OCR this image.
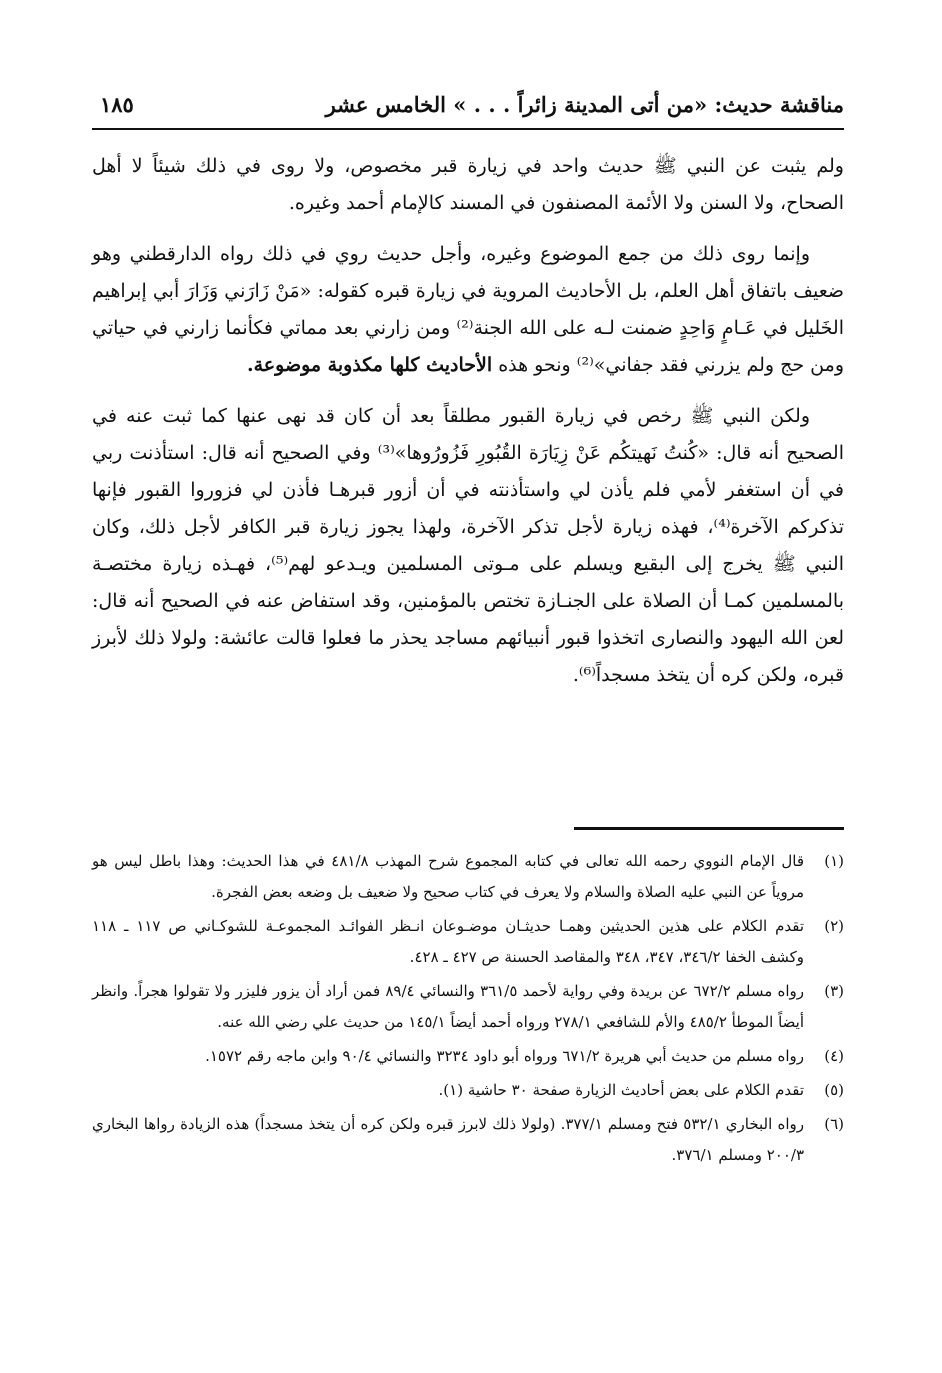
مناقشة حديث: «من أتى المدينة زائراً . . . » الخامس عشر
١٨٥

ولم يثبت عن النبي ﷺ حديث واحد في زيارة قبر مخصوص، ولا روى في ذلك شيئاً لا أهل الصحاح، ولا السنن ولا الأئمة المصنفون في المسند كالإمام أحمد وغيره.

وإنما روى ذلك من جمع الموضوع وغيره، وأجل حديث روي في ذلك رواه الدارقطني وهو ضعيف باتفاق أهل العلم، بل الأحاديث المروية في زيارة قبره كقوله: «مَنْ زَارَني وَزَارَ أبي إبراهيم الخَليل في عَـامٍ وَاحِدٍ ضمنت لـه على الله الجنة⁽²⁾ ومن زارني بعد مماتي فكأنما زارني في حياتي ومن حج ولم يزرني فقد جفاني»⁽²⁾ ونحو هذه الأحاديث كلها مكذوبة موضوعة.

ولكن النبي ﷺ رخص في زيارة القبور مطلقاً بعد أن كان قد نهى عنها كما ثبت عنه في الصحيح أنه قال: «كُنتُ نَهيتكُم عَنْ زِيَارَة القُبُورِ فَزُورُوها»⁽³⁾ وفي الصحيح أنه قال: استأذنت ربي في أن استغفر لأمي فلم يأذن لي واستأذنته في أن أزور قبرهـا فأذن لي فزوروا القبور فإنها تذكركم الآخرة⁽⁴⁾، فهذه زيارة لأجل تذكر الآخرة، ولهذا يجوز زيارة قبر الكافر لأجل ذلك، وكان النبي ﷺ يخرج إلى البقيع ويسلم على مـوتى المسلمين ويـدعو لهم⁽⁵⁾، فهـذه زيارة مختصـة بالمسلمين كمـا أن الصلاة على الجنـازة تختص بالمؤمنين، وقد استفاض عنه في الصحيح أنه قال: لعن الله اليهود والنصارى اتخذوا قبور أنبيائهم مساجد يحذر ما فعلوا قالت عائشة: ولولا ذلك لأبرز قبره، ولكن كره أن يتخذ مسجداً⁽⁶⁾.

(١)
قال الإمام النووي رحمه الله تعالى في كتابه المجموع شرح المهذب ٤٨١/٨ في هذا الحديث: وهذا باطل ليس هو مروياً عن النبي عليه الصلاة والسلام ولا يعرف في كتاب صحيح ولا ضعيف بل وضعه بعض الفجرة.
(٢)
تقدم الكلام على هذين الحديثين وهمـا حديثـان موضـوعان انـظر الفوائـد المجموعـة للشوكـاني ص ١١٧ ـ ١١٨ وكشف الخفا ٣٤٦/٢، ٣٤٧، ٣٤٨ والمقاصد الحسنة ص ٤٢٧ ـ ٤٢٨.
(٣)
رواه مسلم ٦٧٢/٢ عن بريدة وفي رواية لأحمد ٣٦١/٥ والنسائي ٨٩/٤ فمن أراد أن يزور فليزر ولا تقولوا هجراً. وانظر أيضاً الموطأ ٤٨٥/٢ والأم للشافعي ٢٧٨/١ ورواه أحمد أيضاً ١٤٥/١ من حديث علي رضي الله عنه.
(٤)
رواه مسلم من حديث أبي هريرة ٦٧١/٢ ورواه أبو داود ٣٢٣٤ والنسائي ٩٠/٤ وابن ماجه رقم ١٥٧٢.
(٥)
تقدم الكلام على بعض أحاديث الزيارة صفحة ٣٠ حاشية (١).
(٦)
رواه البخاري ٥٣٢/١ فتح ومسلم ٣٧٧/١. (ولولا ذلك لابرز قبره ولكن كره أن يتخذ مسجداً) هذه الزيادة رواها البخاري ٢٠٠/٣ ومسلم ٣٧٦/١.
